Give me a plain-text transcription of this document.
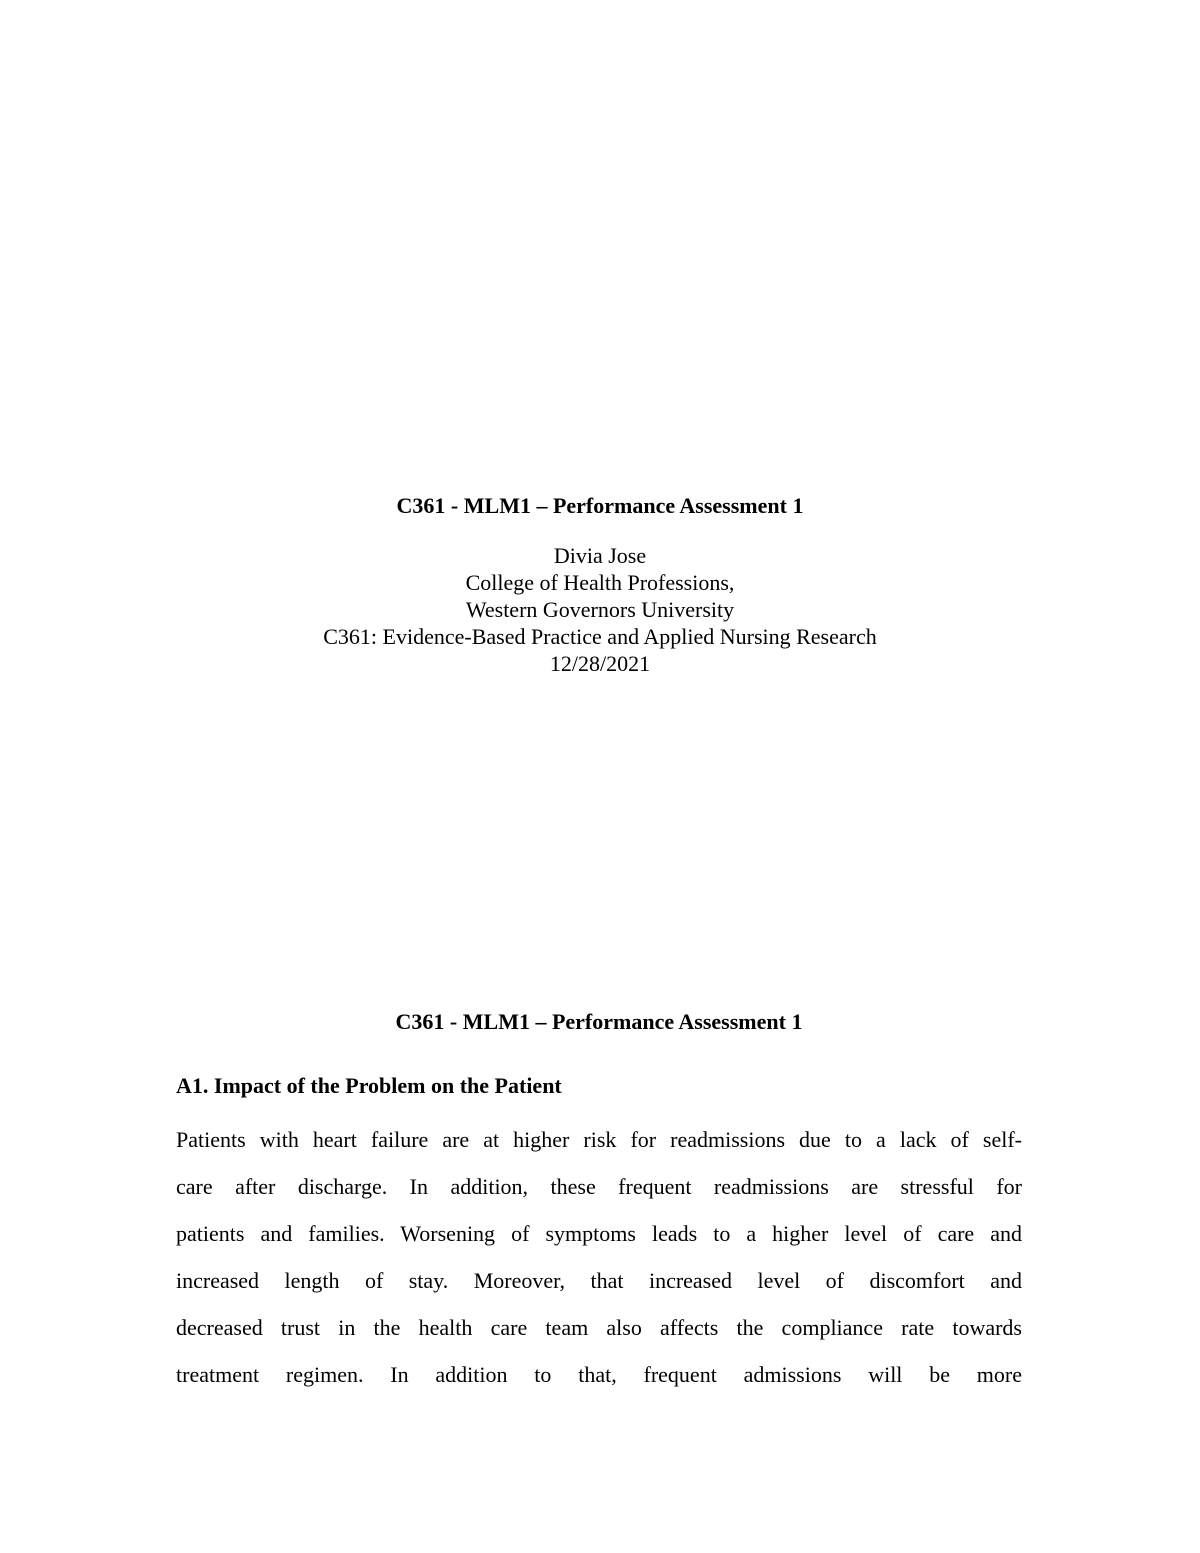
C361 - MLM1 – Performance Assessment 1

Divia Jose

College of Health Professions,

Western Governors University

C361: Evidence-Based Practice and Applied Nursing Research

12/28/2021

C361 - MLM1 – Performance Assessment 1

A1. Impact of the Problem on the Patient

Patients with heart failure are at higher risk for readmissions due to a lack of self-

care after discharge. In addition, these frequent readmissions are stressful for

patients and families. Worsening of symptoms leads to a higher level of care and

increased length of stay. Moreover, that increased level of discomfort and

decreased trust in the health care team also affects the compliance rate towards

treatment regimen. In addition to that, frequent admissions will be more
